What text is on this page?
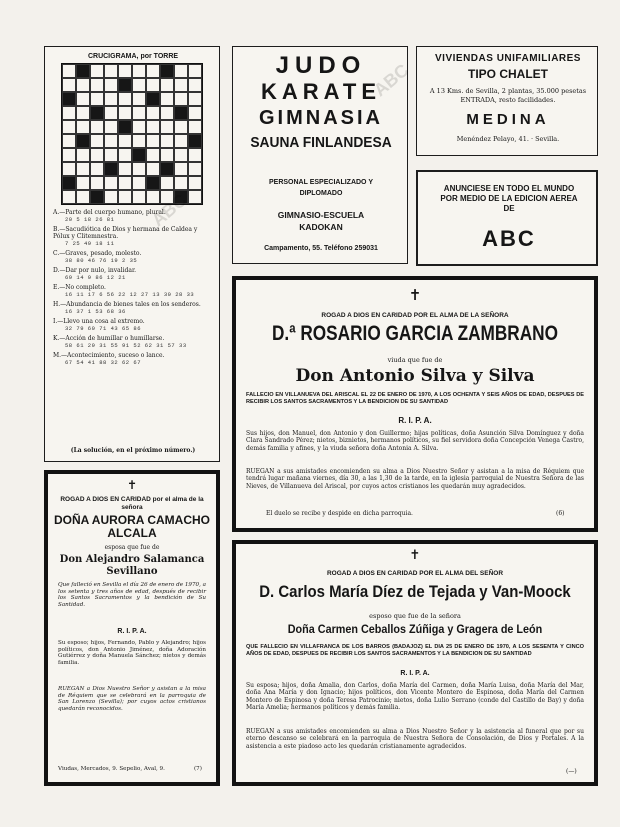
CRUCIGRAMA, por TORRE
A.—Parte del cuerpo humano, plural.
20 5 18 26 81
B.—Sacudiótica de Dios y hermana de Caldea y Pólux y Clitemnestra.
7 25 49 18 11
C.—Graves, pesado, molesto.
38 80 46 76 19 2 35
D.—Dar por nulo, invalidar.
69 14 9 86 12 21
E.—No completo.
16 11 17 6 56 22 12 27 13 30 28 33
H.—Abundancia de bienes tales en los senderos.
16 37 1 53 68 36
I.—Llevo una cosa al extremo.
32 79 60 71 43 65 86
K.—Acción de humillar o humillarse.
58 61 29 31 55 91 52 62 31 57 33
M.—Acontecimiento, suceso o lance.
67 54 41 88 32 62 67
(La solución, en el próximo número.)
JUDO
KARATE
GIMNASIA
SAUNA FINLANDESA
PERSONAL ESPECIALIZADO Y DIPLOMADO
GIMNASIO-ESCUELA KADOKAN
Campamento, 55. Teléfono 259031
VIVIENDAS UNIFAMILIARES
TIPO CHALET
A 13 Kms. de Sevilla, 2 plantas, 35.000 pesetas ENTRADA, resto facilidades.
MEDINA
Menéndez Pelayo, 41. · Sevilla.
ANUNCIESE EN TODO EL MUNDO POR MEDIO DE LA EDICION AEREA DE
ABC
✝
ROGAD A DIOS EN CARIDAD POR EL ALMA DE LA SEÑORA
D.ª ROSARIO GARCIA ZAMBRANO
viuda que fue de
Don Antonio Silva y Silva
FALLECIO EN VILLANUEVA DEL ARISCAL EL 22 DE ENERO DE 1970, A LOS OCHENTA Y SEIS AÑOS DE EDAD, DESPUES DE RECIBIR LOS SANTOS SACRAMENTOS Y LA BENDICION DE SU SANTIDAD
R. I. P. A.
Sus hijos, don Manuel, don Antonio y don Guillermo; hijas políticas, doña Asunción Silva Domínguez y doña Clara Sandrado Pérez; nietos, biznietos, hermanos políticos, su fiel servidora doña Concepción Venega Castro, demás familia y afines, y la viuda señora doña Antonia A. Silva.
RUEGAN a sus amistades encomienden su alma a Dios Nuestro Señor y asistan a la misa de Réquiem que tendrá lugar mañana viernes, día 30, a las 1,30 de la tarde, en la iglesia parroquial de Nuestra Señora de las Nieves, de Villanueva del Ariscal, por cuyos actos cristianos les quedarán muy agradecidos.
El duelo se recibe y despide en dicha parroquia.	(6)
✝
ROGAD A DIOS EN CARIDAD por el alma de la señora
DOÑA AURORA CAMACHO ALCALA
esposa que fue de
Don Alejandro Salamanca Sevillano
Que falleció en Sevilla el día 26 de enero de 1970, a los setenta y tres años de edad, después de recibir los Santos Sacramentos y la bendición de Su Santidad.
R. I. P. A.
Su esposo; hijos, Fernando, Pablo y Alejandro; hijos políticos, don Antonio Jiménez, doña Adoración Gutiérrez y doña Manuela Sánchez; nietos y demás familia.
RUEGAN a Dios Nuestro Señor y asistan a la misa de Réquiem que se celebrará en la parroquia de San Lorenzo (Sevilla); por cuyos actos cristianos quedarán reconocidos.
Viudas, Mercados, 9. Sepelio, Aval, 9.	(7)
✝
ROGAD A DIOS EN CARIDAD POR EL ALMA DEL SEÑOR
D. Carlos María Díez de Tejada y Van-Moock
esposo que fue de la señora
Doña Carmen Ceballos Zúñiga y Gragera de León
QUE FALLECIO EN VILLAFRANCA DE LOS BARROS (BADAJOZ) EL DIA 25 DE ENERO DE 1970, A LOS SESENTA Y CINCO AÑOS DE EDAD, DESPUES DE RECIBIR LOS SANTOS SACRAMENTOS Y LA BENDICION DE SU SANTIDAD
R. I. P. A.
Su esposa; hijos, doña Amalia, don Carlos, doña María del Carmen, doña María Luisa, doña María del Mar, doña Ana María y don Ignacio; hijos políticos, don Vicente Montero de Espinosa, doña María del Carmen Montero de Espinosa y doña Teresa Patrocinio; nietos, doña Lulio Serrano (conde del Castillo de Bay) y doña María Amelia; hermanos políticos y demás familia.
RUEGAN a sus amistades encomienden su alma a Dios Nuestro Señor y la asistencia al funeral que por su eterno descanso se celebrará en la parroquia de Nuestra Señora de Consolación, de Dios y Portales. A la asistencia a este piadoso acto les quedarán cristianamente agradecidos.
(—)
ABC
ABC
